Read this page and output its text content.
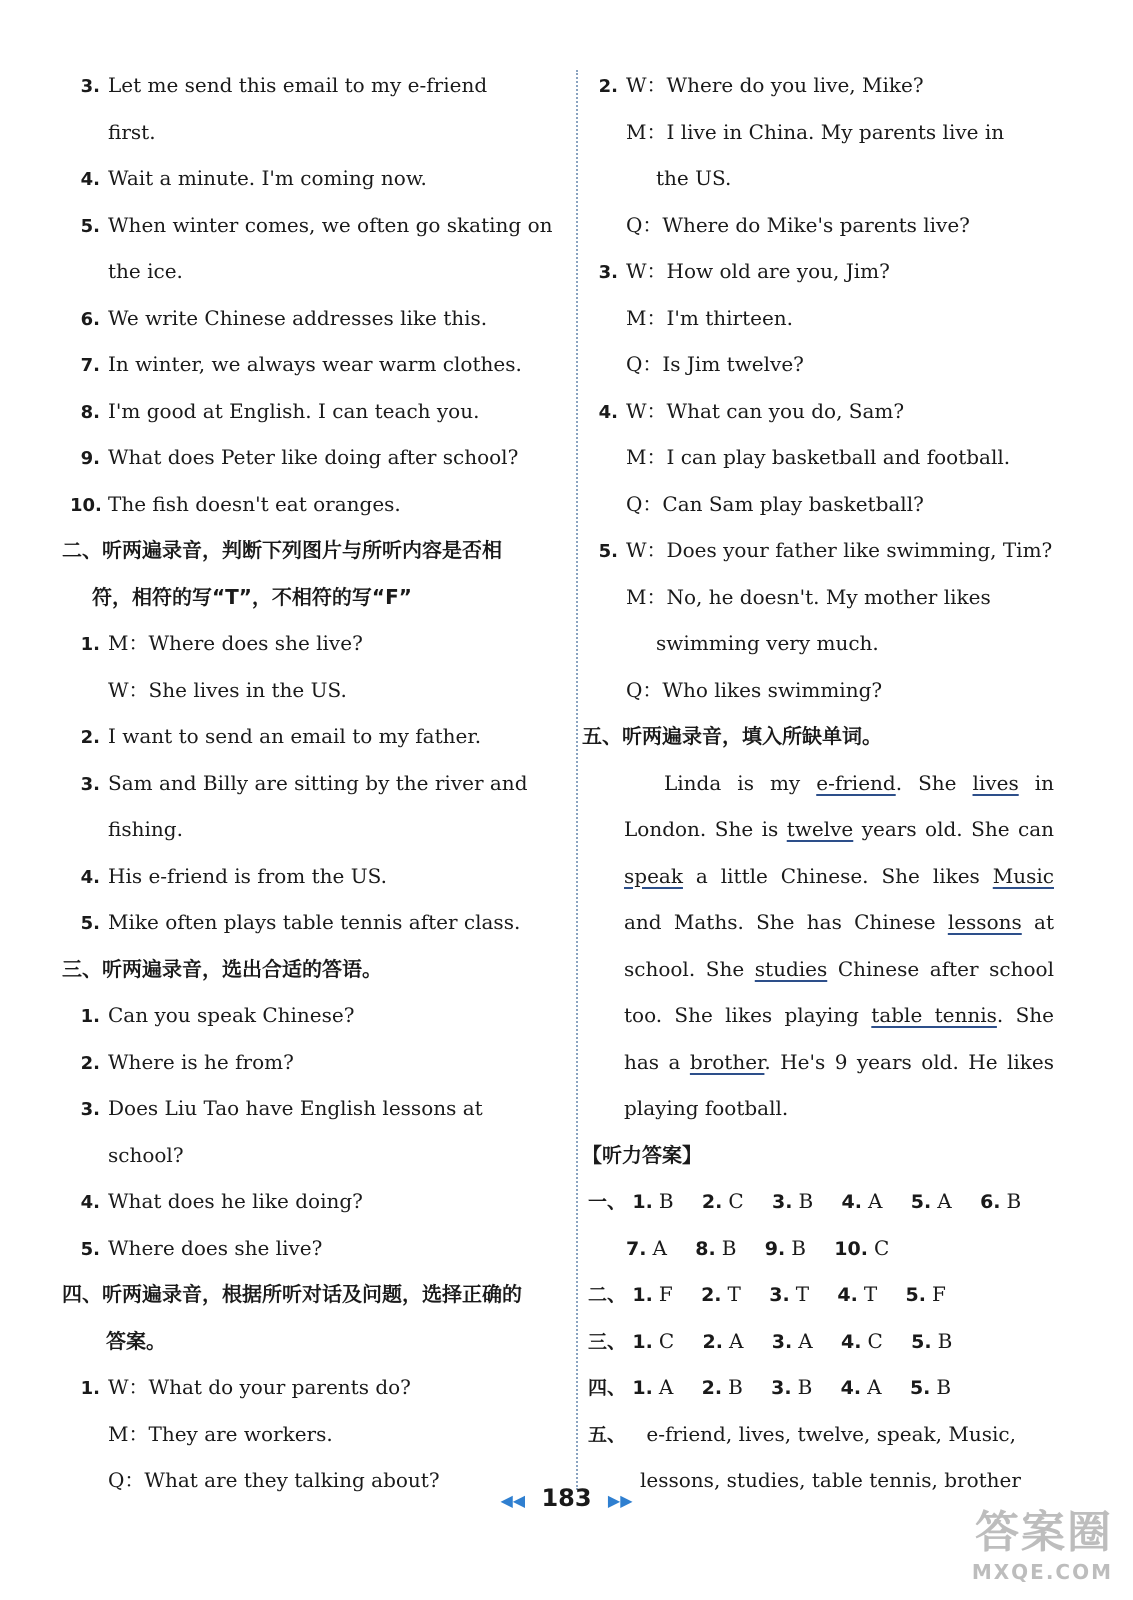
3. Let me send this email to my e-friend
first.
4. Wait a minute. I'm coming now.
5. When winter comes, we often go skating on
the ice.
6. We write Chinese addresses like this.
7. In winter, we always wear warm clothes.
8. I'm good at English. I can teach you.
9. What does Peter like doing after school?
10. The fish doesn't eat oranges.
二、听两遍录音，判断下列图片与所听内容是否相
符，相符的写“T”，不相符的写“F”
1. M：Where does she live?
W：She lives in the US.
2. I want to send an email to my father.
3. Sam and Billy are sitting by the river and
fishing.
4. His e-friend is from the US.
5. Mike often plays table tennis after class.
三、听两遍录音，选出合适的答语。
1. Can you speak Chinese?
2. Where is he from?
3. Does Liu Tao have English lessons at
school?
4. What does he like doing?
5. Where does she live?
四、听两遍录音，根据所听对话及问题，选择正确的
答案。
1. W：What do your parents do?
M：They are workers.
Q：What are they talking about?
2. W：Where do you live, Mike?
M：I live in China. My parents live in
the US.
Q：Where do Mike's parents live?
3. W：How old are you, Jim?
M：I'm thirteen.
Q：Is Jim twelve?
4. W：What can you do, Sam?
M：I can play basketball and football.
Q：Can Sam play basketball?
5. W：Does your father like swimming, Tim?
M：No, he doesn't. My mother likes
swimming very much.
Q：Who likes swimming?
五、听两遍录音，填入所缺单词。
Linda is my e-friend. She lives in London. She is twelve years old. She can speak a little Chinese. She likes Music and Maths. She has Chinese lessons at school. She studies Chinese after school too. She likes playing table tennis. She has a brother. He's 9 years old. He likes playing football.
【听力答案】
一、 1. B 2. C 3. B 4. A 5. A 6. B
7. A 8. B 9. B 10. C
二、 1. F 2. T 3. T 4. T 5. F
三、 1. C 2. A 3. A 4. C 5. B
四、 1. A 2. B 3. B 4. A 5. B
五、 e-friend, lives, twelve, speak, Music,
lessons, studies, table tennis, brother
◀◀ 183 ▶▶
答案圈
MXQE.COM
